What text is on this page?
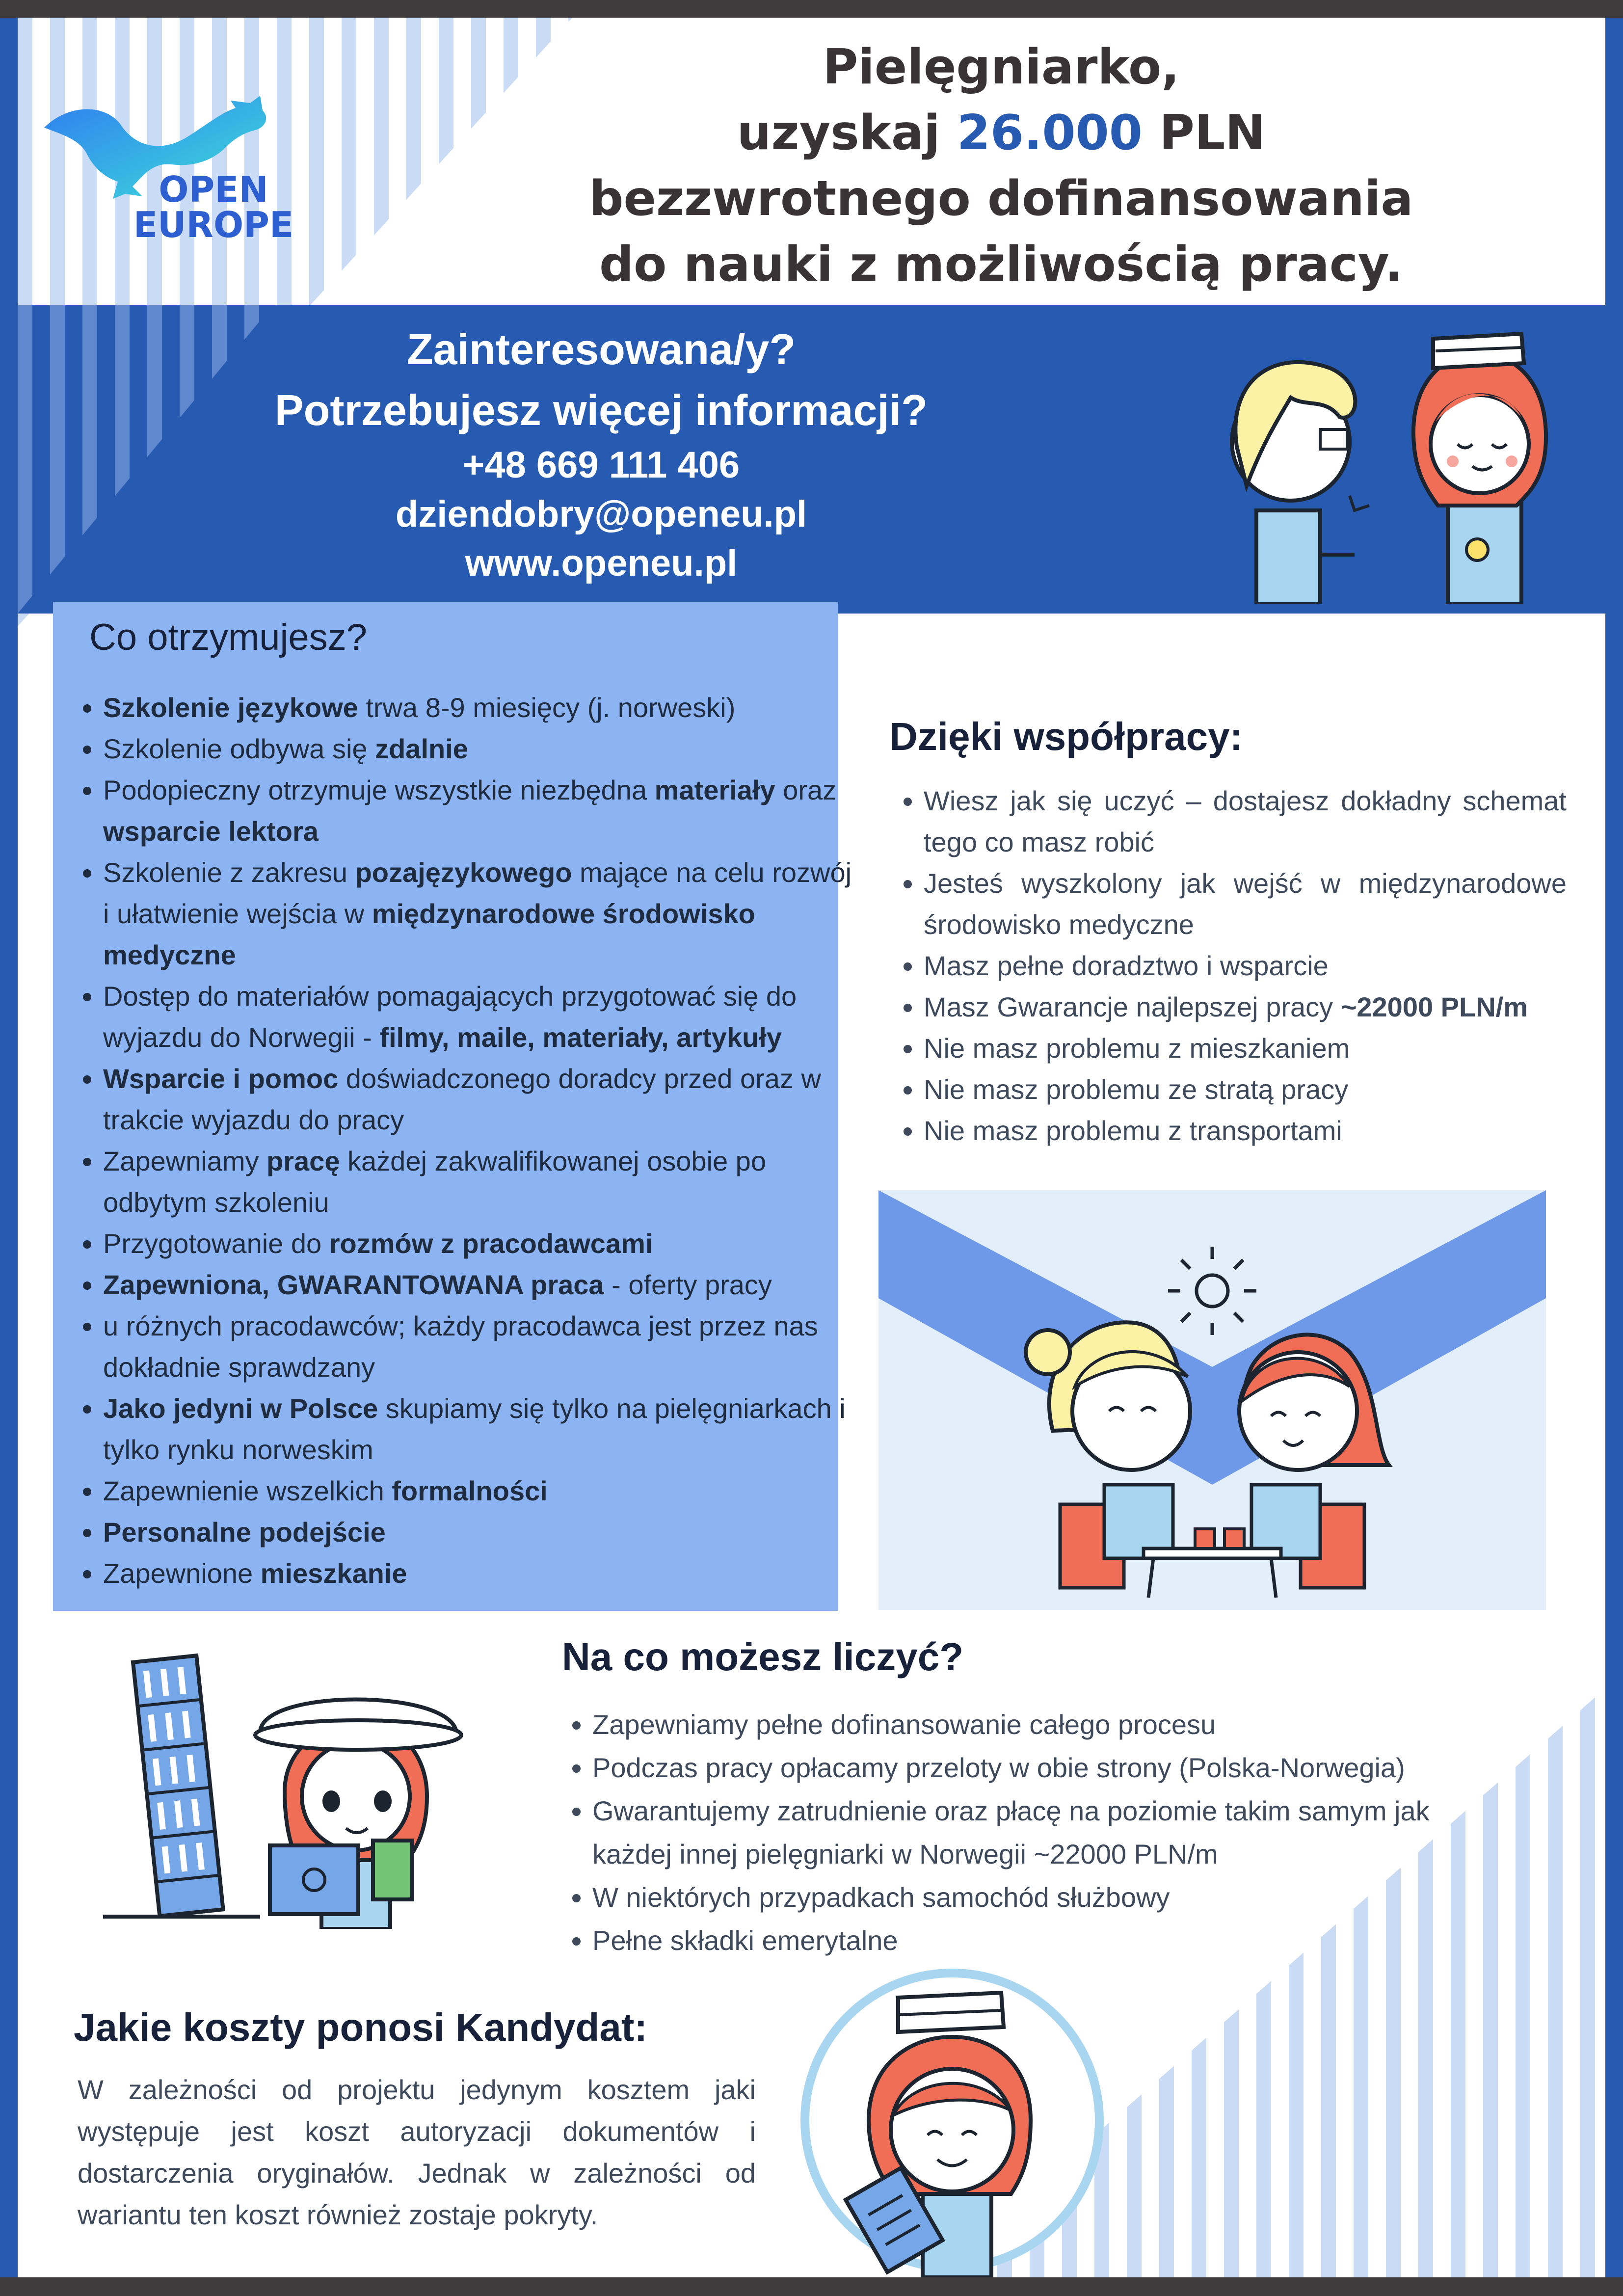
OPEN
EUROPE
Pielęgniarko,
uzyskaj 26.000 PLN
bezzwrotnego dofinansowania
do nauki z możliwością pracy.
Zainteresowana/y?
Potrzebujesz więcej informacji?
+48 669 111 406
dziendobry@openeu.pl
www.openeu.pl
Co otrzymujesz?
• Szkolenie językowe trwa 8-9 miesięcy (j. norweski)
• Szkolenie odbywa się zdalnie
• Podopieczny otrzymuje wszystkie niezbędna materiały oraz wsparcie lektora
• Szkolenie z zakresu pozajęzykowego mające na celu rozwój i ułatwienie wejścia w międzynarodowe środowisko medyczne
• Dostęp do materiałów pomagających przygotować się do wyjazdu do Norwegii - filmy, maile, materiały, artykuły
• Wsparcie i pomoc doświadczonego doradcy przed oraz w trakcie wyjazdu do pracy
• Zapewniamy pracę każdej zakwalifikowanej osobie po odbytym szkoleniu
• Przygotowanie do rozmów z pracodawcami
• Zapewniona, GWARANTOWANA praca - oferty pracy
• u różnych pracodawców; każdy pracodawca jest przez nas dokładnie sprawdzany
• Jako jedyni w Polsce skupiamy się tylko na pielęgniarkach i tylko rynku norweskim
• Zapewnienie wszelkich formalności
• Personalne podejście
• Zapewnione mieszkanie
Dzięki współpracy:
• Wiesz jak się uczyć – dostajesz dokładny schemat tego co masz robić
• Jesteś wyszkolony jak wejść w międzynarodowe środowisko medyczne
• Masz pełne doradztwo i wsparcie
• Masz Gwarancje najlepszej pracy ~22000 PLN/m
• Nie masz problemu z mieszkaniem
• Nie masz problemu ze stratą pracy
• Nie masz problemu z transportami
Na co możesz liczyć?
• Zapewniamy pełne dofinansowanie całego procesu
• Podczas pracy opłacamy przeloty w obie strony (Polska-Norwegia)
• Gwarantujemy zatrudnienie oraz płacę na poziomie takim samym jak każdej innej pielęgniarki w Norwegii ~22000 PLN/m
• W niektórych przypadkach samochód służbowy
• Pełne składki emerytalne
Jakie koszty ponosi Kandydat:

W zależności od projektu jedynym kosztem jaki występuje jest koszt autoryzacji dokumentów i dostarczenia oryginałów. Jednak w zależności od wariantu ten koszt również zostaje pokryty.
